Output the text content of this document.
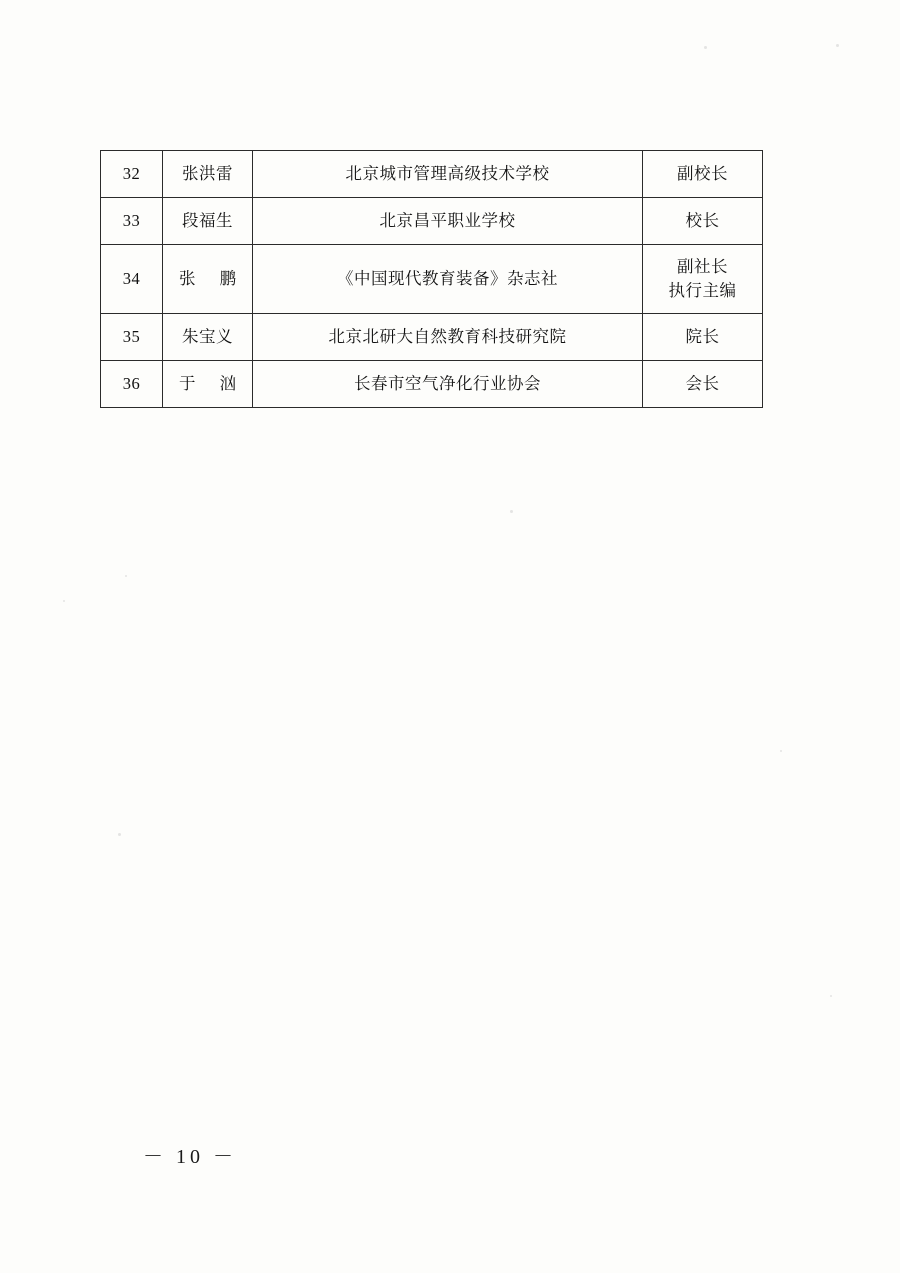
32	张洪雷	北京城市管理高级技术学校	副校长
33	段福生	北京昌平职业学校	校长
34	张 鹏	《中国现代教育装备》杂志社	副社长
执行主编

35	朱宝义	北京北研大自然教育科技研究院	院长
36	于 汹	长春市空气净化行业协会	会长
－ 10 －
